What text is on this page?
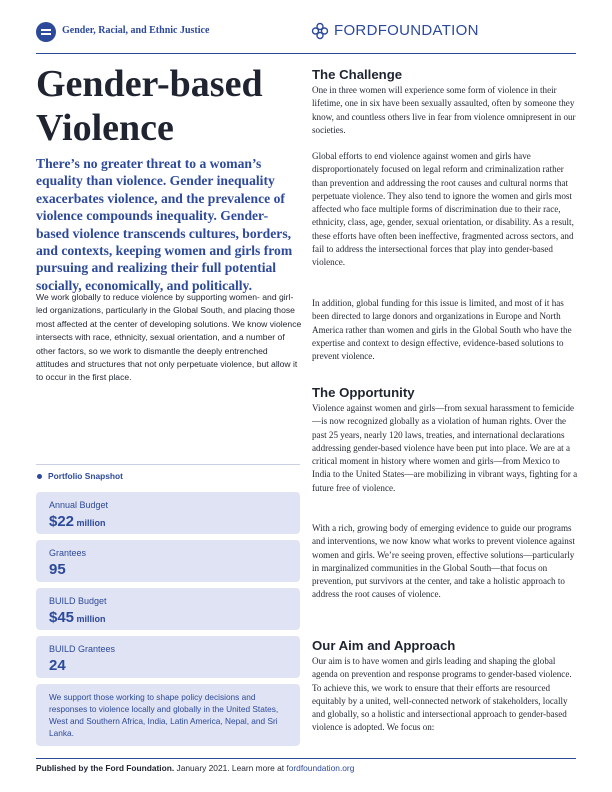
Gender, Racial, and Ethnic Justice	FORDFOUNDATION
Gender-based
Violence
There’s no greater threat to a woman’s equality than violence. Gender inequality exacerbates violence, and the prevalence of violence compounds inequality. Gender-based violence transcends cultures, borders, and contexts, keeping women and girls from pursuing and realizing their full potential socially, economically, and politically.
We work globally to reduce violence by supporting women- and girl-led organizations, particularly in the Global South, and placing those most affected at the center of developing solutions. We know violence intersects with race, ethnicity, sexual orientation, and a number of other factors, so we work to dismantle the deeply entrenched attitudes and structures that not only perpetuate violence, but allow it to occur in the first place.
Portfolio Snapshot
Annual Budget
$22 million
Grantees
95
BUILD Budget
$45 million
BUILD Grantees
24
We support those working to shape policy decisions and responses to violence locally and globally in the United States, West and Southern Africa, India, Latin America, Nepal, and Sri Lanka.
Published by the Ford Foundation. January 2021. Learn more at fordfoundation.org
The Challenge
One in three women will experience some form of violence in their lifetime, one in six have been sexually assaulted, often by someone they know, and countless others live in fear from violence omnipresent in our societies.
Global efforts to end violence against women and girls have disproportionately focused on legal reform and criminalization rather than prevention and addressing the root causes and cultural norms that perpetuate violence. They also tend to ignore the women and girls most affected who face multiple forms of discrimination due to their race, ethnicity, class, age, gender, sexual orientation, or disability. As a result, these efforts have often been ineffective, fragmented across sectors, and fail to address the intersectional forces that play into gender-based violence.
In addition, global funding for this issue is limited, and most of it has been directed to large donors and organizations in Europe and North America rather than women and girls in the Global South who have the expertise and context to design effective, evidence-based solutions to prevent violence.
The Opportunity
Violence against women and girls—from sexual harassment to femicide—is now recognized globally as a violation of human rights. Over the past 25 years, nearly 120 laws, treaties, and international declarations addressing gender-based violence have been put into place. We are at a critical moment in history where women and girls—from Mexico to India to the United States—are mobilizing in vibrant ways, fighting for a future free of violence.
With a rich, growing body of emerging evidence to guide our programs and interventions, we now know what works to prevent violence against women and girls. We’re seeing proven, effective solutions—particularly in marginalized communities in the Global South—that focus on prevention, put survivors at the center, and take a holistic approach to address the root causes of violence.
Our Aim and Approach
Our aim is to have women and girls leading and shaping the global agenda on prevention and response programs to gender-based violence. To achieve this, we work to ensure that their efforts are resourced equitably by a united, well-connected network of stakeholders, locally and globally, so a holistic and intersectional approach to gender-based violence is adopted. We focus on:
